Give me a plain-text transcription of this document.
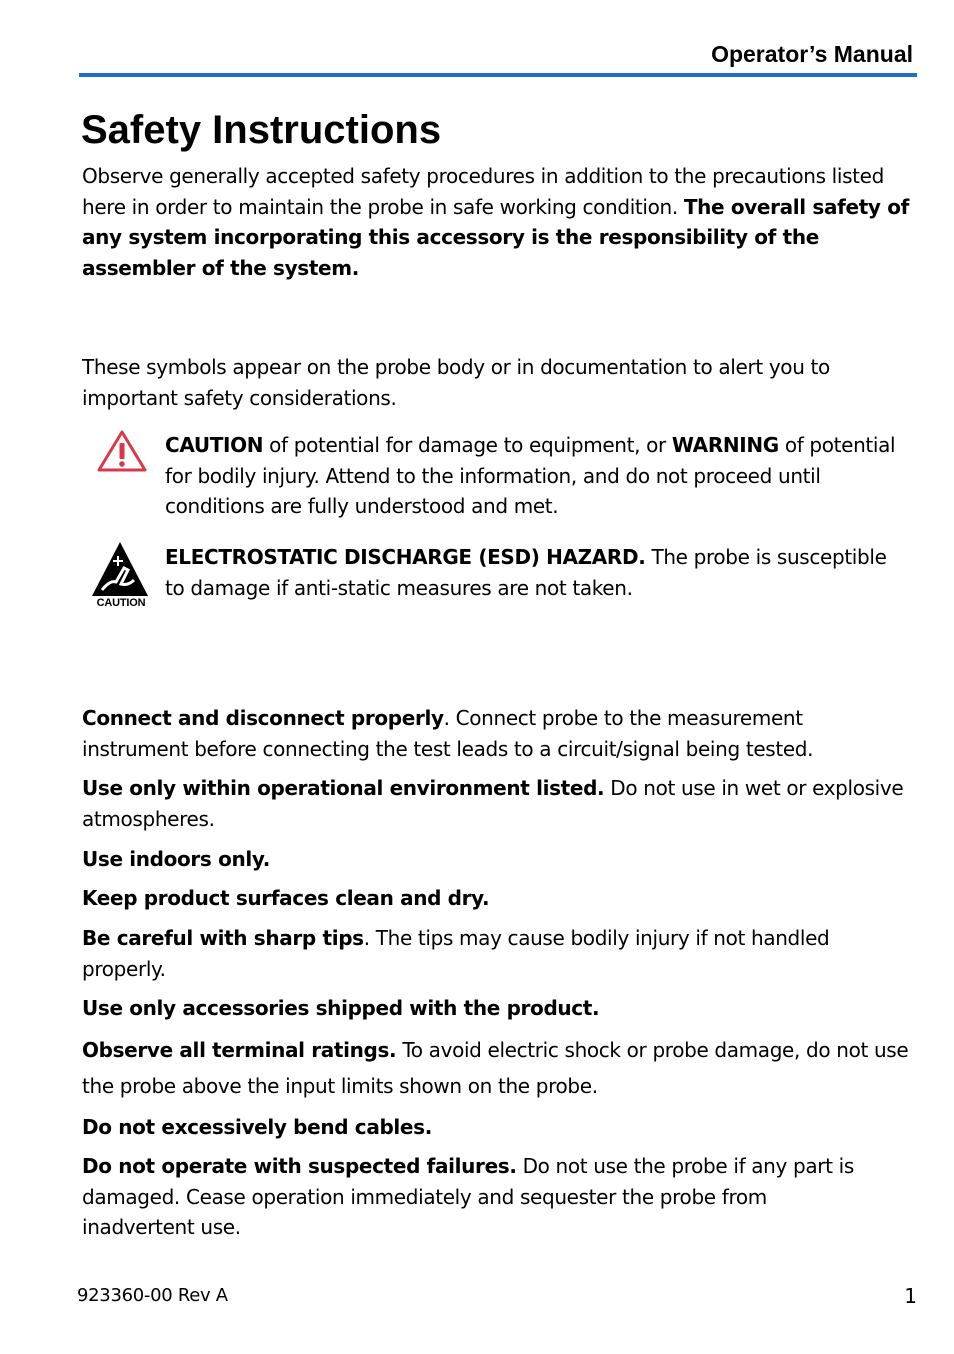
Operator’s Manual
Safety Instructions

Observe generally accepted safety procedures in addition to the precautions listed here in order to maintain the probe in safe working condition. The overall safety of any system incorporating this accessory is the responsibility of the assembler of the system.

These symbols appear on the probe body or in documentation to alert you to important safety considerations.

CAUTION of potential for damage to equipment, or WARNING of potential for bodily injury. Attend to the information, and do not proceed until conditions are fully understood and met.

CAUTION

ELECTROSTATIC DISCHARGE (ESD) HAZARD. The probe is susceptible to damage if anti-static measures are not taken.

Connect and disconnect properly. Connect probe to the measurement instrument before connecting the test leads to a circuit/signal being tested.

Use only within operational environment listed. Do not use in wet or explosive atmospheres.

Use indoors only.

Keep product surfaces clean and dry.

Be careful with sharp tips. The tips may cause bodily injury if not handled properly.

Use only accessories shipped with the product.

Observe all terminal ratings. To avoid electric shock or probe damage, do not use the probe above the input limits shown on the probe.

Do not excessively bend cables.

Do not operate with suspected failures. Do not use the probe if any part is damaged. Cease operation immediately and sequester the probe from inadvertent use.

923360-00 Rev A	1
